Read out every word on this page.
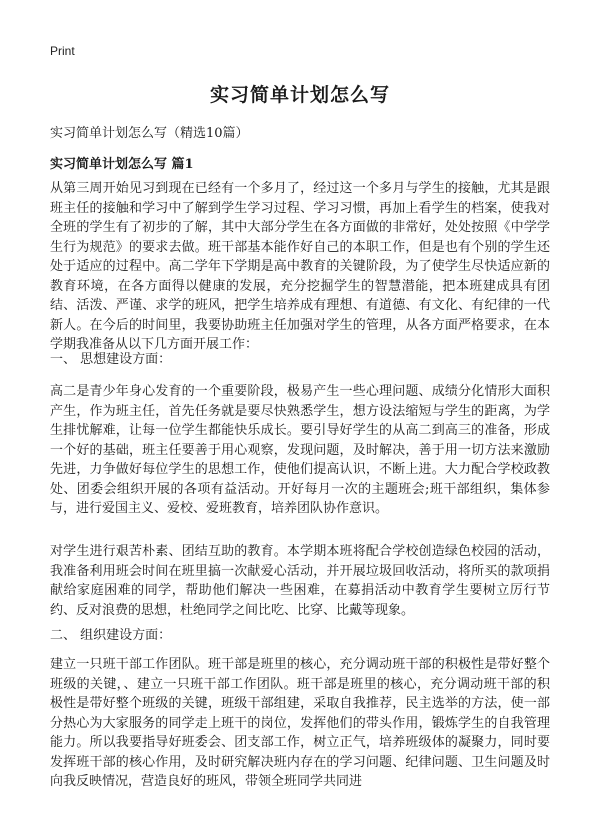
Print
实习简单计划怎么写
实习简单计划怎么写（精选10篇）
实习简单计划怎么写 篇1

从第三周开始见习到现在已经有一个多月了，经过这一个多月与学生的接触，尤其是跟班主任的接触和学习中了解到学生学习过程、学习习惯，再加上看学生的档案，使我对全班的学生有了初步的了解，其中大部分学生在各方面做的非常好，处处按照《中学学生行为规范》的要求去做。班干部基本能作好自己的本职工作，但是也有个别的学生还处于适应的过程中。高二学年下学期是高中教育的关键阶段，为了使学生尽快适应新的教育环境，在各方面得以健康的发展，充分挖掘学生的智慧潜能，把本班建成具有团结、活泼、严谨、求学的班风，把学生培养成有理想、有道德、有文化、有纪律的一代新人。在今后的时间里，我要协助班主任加强对学生的管理，从各方面严格要求，在本学期我准备从以下几方面开展工作：

一、 思想建设方面：

高二是青少年身心发育的一个重要阶段，极易产生一些心理问题、成绩分化情形大面积产生，作为班主任，首先任务就是要尽快熟悉学生，想方设法缩短与学生的距离，为学生排忧解难，让每一位学生都能快乐成长。要引导好学生的从高二到高三的准备，形成一个好的基础，班主任要善于用心观察，发现问题，及时解决，善于用一切方法来激励先进，力争做好每位学生的思想工作，使他们提高认识，不断上进。大力配合学校政教处、团委会组织开展的各项有益活动。开好每月一次的主题班会;班干部组织，集体参与，进行爱国主义、爱校、爱班教育，培养团队协作意识。

对学生进行艰苦朴素、团结互助的教育。本学期本班将配合学校创造绿色校园的活动，我准备利用班会时间在班里搞一次献爱心活动，并开展垃圾回收活动，将所买的款项捐献给家庭困难的同学，帮助他们解决一些困难，在募捐活动中教育学生要树立厉行节约、反对浪费的思想，杜绝同学之间比吃、比穿、比戴等现象。

二、 组织建设方面：

建立一只班干部工作团队。班干部是班里的核心，充分调动班干部的积极性是带好整个班级的关键，、建立一只班干部工作团队。班干部是班里的核心，充分调动班干部的积极性是带好整个班级的关键，班级干部组建，采取自我推荐，民主选举的方法，使一部分热心为大家服务的同学走上班干的岗位，发挥他们的带头作用，锻炼学生的自我管理能力。所以我要指导好班委会、团支部工作，树立正气，培养班级体的凝聚力，同时要发挥班干部的核心作用，及时研究解决班内存在的学习问题、纪律问题、卫生问题及时向我反映情况，营造良好的班风，带领全班同学共同进
